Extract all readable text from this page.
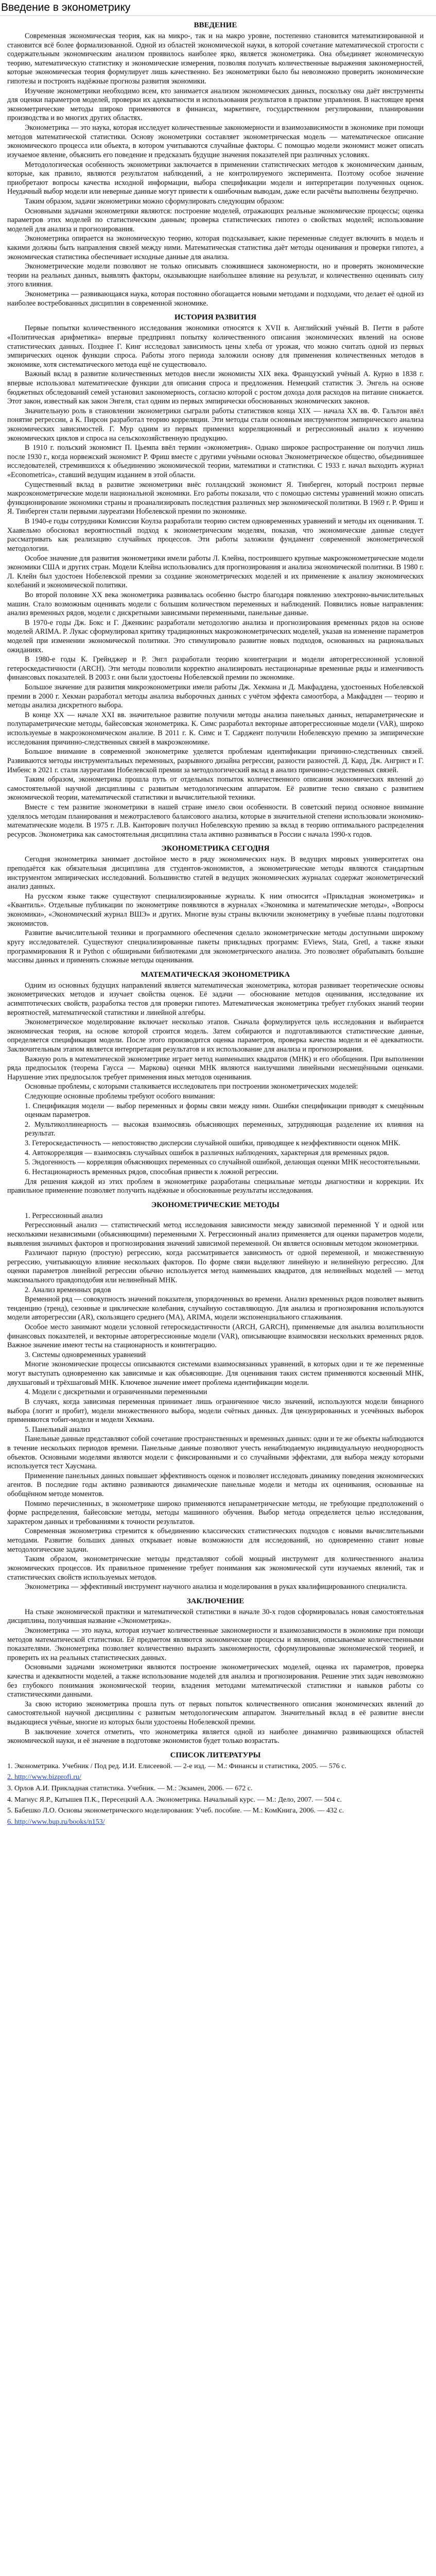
Введение в эконометрику
ВВЕДЕНИЕ

Современная экономическая теория, как на микро-, так и на макро уровне, постепенно становится математизированной и становится всё более формализованной. Одной из областей экономической науки, в которой сочетание математической строгости с содержательным экономическим анализом проявилось наиболее ярко, является эконометрика. Она объединяет экономическую теорию, математическую статистику и экономические измерения, позволяя получать количественные выражения закономерностей, которые экономическая теория формулирует лишь качественно. Без эконометрики было бы невозможно проверить экономические гипотезы и построить надёжные прогнозы развития экономики.

Изучение эконометрики необходимо всем, кто занимается анализом экономических данных, поскольку она даёт инструменты для оценки параметров моделей, проверки их адекватности и использования результатов в практике управления. В настоящее время эконометрические методы широко применяются в финансах, маркетинге, государственном регулировании, планировании производства и во многих других областях.

Эконометрика — это наука, которая исследует количественные закономерности и взаимозависимости в экономике при помощи методов математической статистики. Основу эконометрики составляет эконометрическая модель — математическое описание экономического процесса или объекта, в котором учитываются случайные факторы. С помощью модели экономист может описать изучаемое явление, объяснить его поведение и предсказать будущие значения показателей при различных условиях.

Методологическая особенность эконометрики заключается в применении статистических методов к экономическим данным, которые, как правило, являются результатом наблюдений, а не контролируемого эксперимента. Поэтому особое значение приобретают вопросы качества исходной информации, выбора спецификации модели и интерпретации полученных оценок. Неудачный выбор модели или неверные данные могут привести к ошибочным выводам, даже если расчёты выполнены безупречно.

Таким образом, задачи эконометрики можно сформулировать следующим образом:

Основными задачами эконометрики являются: построение моделей, отражающих реальные экономические процессы; оценка параметров этих моделей по статистическим данным; проверка статистических гипотез о свойствах моделей; использование моделей для анализа и прогнозирования.

Эконометрика опирается на экономическую теорию, которая подсказывает, какие переменные следует включить в модель и какими должны быть направления связей между ними. Математическая статистика даёт методы оценивания и проверки гипотез, а экономическая статистика обеспечивает исходные данные для анализа.

Эконометрические модели позволяют не только описывать сложившиеся закономерности, но и проверять экономические теории на реальных данных, выявлять факторы, оказывающие наибольшее влияние на результат, и количественно оценивать силу этого влияния.

Эконометрика — развивающаяся наука, которая постоянно обогащается новыми методами и подходами, что делает её одной из наиболее востребованных дисциплин в современной экономике.

ИСТОРИЯ РАЗВИТИЯ

Первые попытки количественного исследования экономики относятся к XVII в. Английский учёный В. Петти в работе «Политическая арифметика» впервые предпринял попытку количественного описания экономических явлений на основе статистических данных. Позднее Г. Кинг исследовал зависимость цены хлеба от урожая, что можно считать одной из первых эмпирических оценок функции спроса. Работы этого периода заложили основу для применения количественных методов в экономике, хотя систематического метода ещё не существовало.

Важный вклад в развитие количественных методов внесли экономисты XIX века. Французский учёный А. Курно в 1838 г. впервые использовал математические функции для описания спроса и предложения. Немецкий статистик Э. Энгель на основе бюджетных обследований семей установил закономерность, согласно которой с ростом дохода доля расходов на питание снижается. Этот закон, известный как закон Энгеля, стал одним из первых эмпирически обоснованных экономических законов.

Значительную роль в становлении эконометрики сыграли работы статистиков конца XIX — начала XX вв. Ф. Гальтон ввёл понятие регрессии, а К. Пирсон разработал теорию корреляции. Эти методы стали основным инструментом эмпирического анализа экономических зависимостей. Г. Мур одним из первых применил корреляционный и регрессионный анализ к изучению экономических циклов и спроса на сельскохозяйственную продукцию.

В 1910 г. польский экономист П. Цьемпа ввёл термин «эконометрия». Однако широкое распространение он получил лишь после 1930 г., когда норвежский экономист Р. Фриш вместе с другими учёными основал Эконометрическое общество, объединившее исследователей, стремившихся к объединению экономической теории, математики и статистики. С 1933 г. начал выходить журнал «Econometrica», ставший ведущим изданием в этой области.

Существенный вклад в развитие эконометрики внёс голландский экономист Я. Тинберген, который построил первые макроэконометрические модели национальной экономики. Его работы показали, что с помощью системы уравнений можно описать функционирование экономики страны и проанализировать последствия различных мер экономической политики. В 1969 г. Р. Фриш и Я. Тинберген стали первыми лауреатами Нобелевской премии по экономике.

В 1940-е годы сотрудники Комиссии Коулза разработали теорию систем одновременных уравнений и методы их оценивания. Т. Хаавельмо обосновал вероятностный подход к эконометрическим моделям, показав, что экономические данные следует рассматривать как реализацию случайных процессов. Эти работы заложили фундамент современной эконометрической методологии.

Особое значение для развития эконометрики имели работы Л. Клейна, построившего крупные макроэконометрические модели экономики США и других стран. Модели Клейна использовались для прогнозирования и анализа экономической политики. В 1980 г. Л. Клейн был удостоен Нобелевской премии за создание эконометрических моделей и их применение к анализу экономических колебаний и экономической политики.

Во второй половине XX века эконометрика развивалась особенно быстро благодаря появлению электронно-вычислительных машин. Стало возможным оценивать модели с большим количеством переменных и наблюдений. Появились новые направления: анализ временных рядов, модели с дискретными зависимыми переменными, панельные данные.

В 1970-е годы Дж. Бокс и Г. Дженкинс разработали методологию анализа и прогнозирования временных рядов на основе моделей ARIMA. Р. Лукас сформулировал критику традиционных макроэконометрических моделей, указав на изменение параметров моделей при изменении экономической политики. Это стимулировало развитие новых подходов, основанных на рациональных ожиданиях.

В 1980-е годы К. Грейнджер и Р. Энгл разработали теорию коинтеграции и модели авторегрессионной условной гетероскедастичности (ARCH). Эти методы позволили корректно анализировать нестационарные временные ряды и изменчивость финансовых показателей. В 2003 г. они были удостоены Нобелевской премии по экономике.

Большое значение для развития микроэконометрики имели работы Дж. Хекмана и Д. Макфаддена, удостоенных Нобелевской премии в 2000 г. Хекман разработал методы анализа выборочных данных с учётом эффекта самоотбора, а Макфадден — теорию и методы анализа дискретного выбора.

В конце XX — начале XXI вв. значительное развитие получили методы анализа панельных данных, непараметрические и полупараметрические методы, байесовская эконометрика. К. Симс разработал векторные авторегрессионные модели (VAR), широко используемые в макроэкономическом анализе. В 2011 г. К. Симс и Т. Сарджент получили Нобелевскую премию за эмпирические исследования причинно-следственных связей в макроэкономике.

Большое внимание в современной эконометрике уделяется проблемам идентификации причинно-следственных связей. Развиваются методы инструментальных переменных, разрывного дизайна регрессии, разности разностей. Д. Кард, Дж. Ангрист и Г. Имбенс в 2021 г. стали лауреатами Нобелевской премии за методологический вклад в анализ причинно-следственных связей.

Таким образом, эконометрика прошла путь от отдельных попыток количественного описания экономических явлений до самостоятельной научной дисциплины с развитым методологическим аппаратом. Её развитие тесно связано с развитием экономической теории, математической статистики и вычислительной техники.

Вместе с тем развитие эконометрики в нашей стране имело свои особенности. В советский период основное внимание уделялось методам планирования и межотраслевого балансового анализа, которые в значительной степени использовали экономико-математические модели. В 1975 г. Л.В. Канторович получил Нобелевскую премию за вклад в теорию оптимального распределения ресурсов. Эконометрика как самостоятельная дисциплина стала активно развиваться в России с начала 1990-х годов.

ЭКОНОМЕТРИКА СЕГОДНЯ

Сегодня эконометрика занимает достойное место в ряду экономических наук. В ведущих мировых университетах она преподаётся как обязательная дисциплина для студентов-экономистов, а эконометрические методы являются стандартным инструментом эмпирических исследований. Большинство статей в ведущих экономических журналах содержат эконометрический анализ данных.

На русском языке также существуют специализированные журналы. К ним относится «Прикладная эконометрика» и «Квантиль». Отдельные публикации по эконометрике появляются в журналах «Экономика и математические методы», «Вопросы экономики», «Экономический журнал ВШЭ» и других. Многие вузы страны включили эконометрику в учебные планы подготовки экономистов.

Развитие вычислительной техники и программного обеспечения сделало эконометрические методы доступными широкому кругу исследователей. Существуют специализированные пакеты прикладных программ: EViews, Stata, Gretl, а также языки программирования R и Python с обширными библиотеками для эконометрического анализа. Это позволяет обрабатывать большие массивы данных и применять сложные методы оценивания.

МАТЕМАТИЧЕСКАЯ ЭКОНОМЕТРИКА

Одним из основных будущих направлений является математическая эконометрика, которая развивает теоретические основы эконометрических методов и изучает свойства оценок. Её задачи — обоснование методов оценивания, исследование их асимптотических свойств, разработка тестов для проверки гипотез. Математическая эконометрика требует глубоких знаний теории вероятностей, математической статистики и линейной алгебры.

Эконометрическое моделирование включает несколько этапов. Сначала формулируется цель исследования и выбирается экономическая теория, на основе которой строится модель. Затем собираются и подготавливаются статистические данные, определяется спецификация модели. После этого производится оценка параметров, проверка качества модели и её адекватности. Заключительным этапом является интерпретация результатов и их использование для анализа и прогнозирования.

Важную роль в математической эконометрике играет метод наименьших квадратов (МНК) и его обобщения. При выполнении ряда предпосылок (теорема Гаусса — Маркова) оценки МНК являются наилучшими линейными несмещёнными оценками. Нарушение этих предпосылок требует применения иных методов оценивания.

Основные проблемы, с которыми сталкивается исследователь при построении эконометрических моделей:

Следующие основные проблемы требуют особого внимания:

1. Спецификация модели — выбор переменных и формы связи между ними. Ошибки спецификации приводят к смещённым оценкам параметров.

2. Мультиколлинеарность — высокая взаимосвязь объясняющих переменных, затрудняющая разделение их влияния на результат.

3. Гетероскедастичность — непостоянство дисперсии случайной ошибки, приводящее к неэффективности оценок МНК.

4. Автокорреляция — взаимосвязь случайных ошибок в различных наблюдениях, характерная для временных рядов.

5. Эндогенность — корреляция объясняющих переменных со случайной ошибкой, делающая оценки МНК несостоятельными.

6. Нестационарность временных рядов, способная привести к ложной регрессии.

Для решения каждой из этих проблем в эконометрике разработаны специальные методы диагностики и коррекции. Их правильное применение позволяет получить надёжные и обоснованные результаты исследования.

ЭКОНОМЕТРИЧЕСКИЕ МЕТОДЫ

1. Регрессионный анализ

Регрессионный анализ — статистический метод исследования зависимости между зависимой переменной Y и одной или несколькими независимыми (объясняющими) переменными X. Регрессионный анализ применяется для оценки параметров модели, выявления значимых факторов и прогнозирования значений зависимой переменной. Он является основным методом эконометрики.

Различают парную (простую) регрессию, когда рассматривается зависимость от одной переменной, и множественную регрессию, учитывающую влияние нескольких факторов. По форме связи выделяют линейную и нелинейную регрессию. Для оценки параметров линейной регрессии обычно используется метод наименьших квадратов, для нелинейных моделей — метод максимального правдоподобия или нелинейный МНК.

2. Анализ временных рядов

Временной ряд — совокупность значений показателя, упорядоченных во времени. Анализ временных рядов позволяет выявить тенденцию (тренд), сезонные и циклические колебания, случайную составляющую. Для анализа и прогнозирования используются модели авторегрессии (AR), скользящего среднего (MA), ARIMA, модели экспоненциального сглаживания.

Особое место занимают модели условной гетероскедастичности (ARCH, GARCH), применяемые для анализа волатильности финансовых показателей, и векторные авторегрессионные модели (VAR), описывающие взаимосвязи нескольких временных рядов. Важное значение имеют тесты на стационарность и коинтеграцию.

3. Системы одновременных уравнений

Многие экономические процессы описываются системами взаимосвязанных уравнений, в которых одни и те же переменные могут выступать одновременно как зависимые и как объясняющие. Для оценивания таких систем применяются косвенный МНК, двухшаговый и трёхшаговый МНК. Ключевое значение имеет проблема идентификации модели.

4. Модели с дискретными и ограниченными переменными

В случаях, когда зависимая переменная принимает лишь ограниченное число значений, используются модели бинарного выбора (логит и пробит), модели множественного выбора, модели счётных данных. Для цензурированных и усечённых выборок применяются тобит-модели и модели Хекмана.

5. Панельный анализ

Панельные данные представляют собой сочетание пространственных и временных данных: одни и те же объекты наблюдаются в течение нескольких периодов времени. Панельные данные позволяют учесть ненаблюдаемую индивидуальную неоднородность объектов. Основными моделями являются модели с фиксированными и со случайными эффектами, для выбора между которыми используется тест Хаусмана.

Применение панельных данных повышает эффективность оценок и позволяет исследовать динамику поведения экономических агентов. В последние годы активно развиваются динамические панельные модели и методы их оценивания, основанные на обобщённом методе моментов.

Помимо перечисленных, в эконометрике широко применяются непараметрические методы, не требующие предположений о форме распределения, байесовские методы, методы машинного обучения. Выбор метода определяется целью исследования, характером данных и требованиями к точности результатов.

Современная эконометрика стремится к объединению классических статистических подходов с новыми вычислительными методами. Развитие больших данных открывает новые возможности для исследований, но одновременно ставит новые методологические задачи.

Таким образом, эконометрические методы представляют собой мощный инструмент для количественного анализа экономических процессов. Их правильное применение требует понимания как экономической сути изучаемых явлений, так и статистических свойств используемых методов.

Эконометрика — эффективный инструмент научного анализа и моделирования в руках квалифицированного специалиста.

ЗАКЛЮЧЕНИЕ

На стыке экономической практики и математической статистики в начале 30-х годов сформировалась новая самостоятельная дисциплина, получившая название «Эконометрика».

Эконометрика — это наука, которая изучает количественные закономерности и взаимозависимости в экономике при помощи методов математической статистики. Её предметом являются экономические процессы и явления, описываемые количественными показателями. Эконометрика позволяет количественно выразить закономерности, сформулированные экономической теорией, и проверить их на реальных статистических данных.

Основными задачами эконометрики являются построение эконометрических моделей, оценка их параметров, проверка качества и адекватности моделей, а также использование моделей для анализа и прогнозирования. Решение этих задач невозможно без глубокого понимания экономической теории, владения методами математической статистики и навыков работы со статистическими данными.

За свою историю эконометрика прошла путь от первых попыток количественного описания экономических явлений до самостоятельной научной дисциплины с развитым методологическим аппаратом. Значительный вклад в её развитие внесли выдающиеся учёные, многие из которых были удостоены Нобелевской премии.

В заключение хочется отметить, что эконометрика является одной из наиболее динамично развивающихся областей экономической науки, и её значение в подготовке экономистов будет только возрастать.

СПИСОК ЛИТЕРАТУРЫ

1. Эконометрика. Учебник / Под ред. И.И. Елисеевой. — 2-е изд. — М.: Финансы и статистика, 2005. — 576 с.

2. http://www.bizprofi.ru/

3. Орлов А.И. Прикладная статистика. Учебник. — М.: Экзамен, 2006. — 672 с.

4. Магнус Я.Р., Катышев П.К., Пересецкий А.А. Эконометрика. Начальный курс. — М.: Дело, 2007. — 504 с.

5. Бабешко Л.О. Основы эконометрического моделирования: Учеб. пособие. — М.: КомКнига, 2006. — 432 с.

6. http://www.bup.ru/books/n153/
